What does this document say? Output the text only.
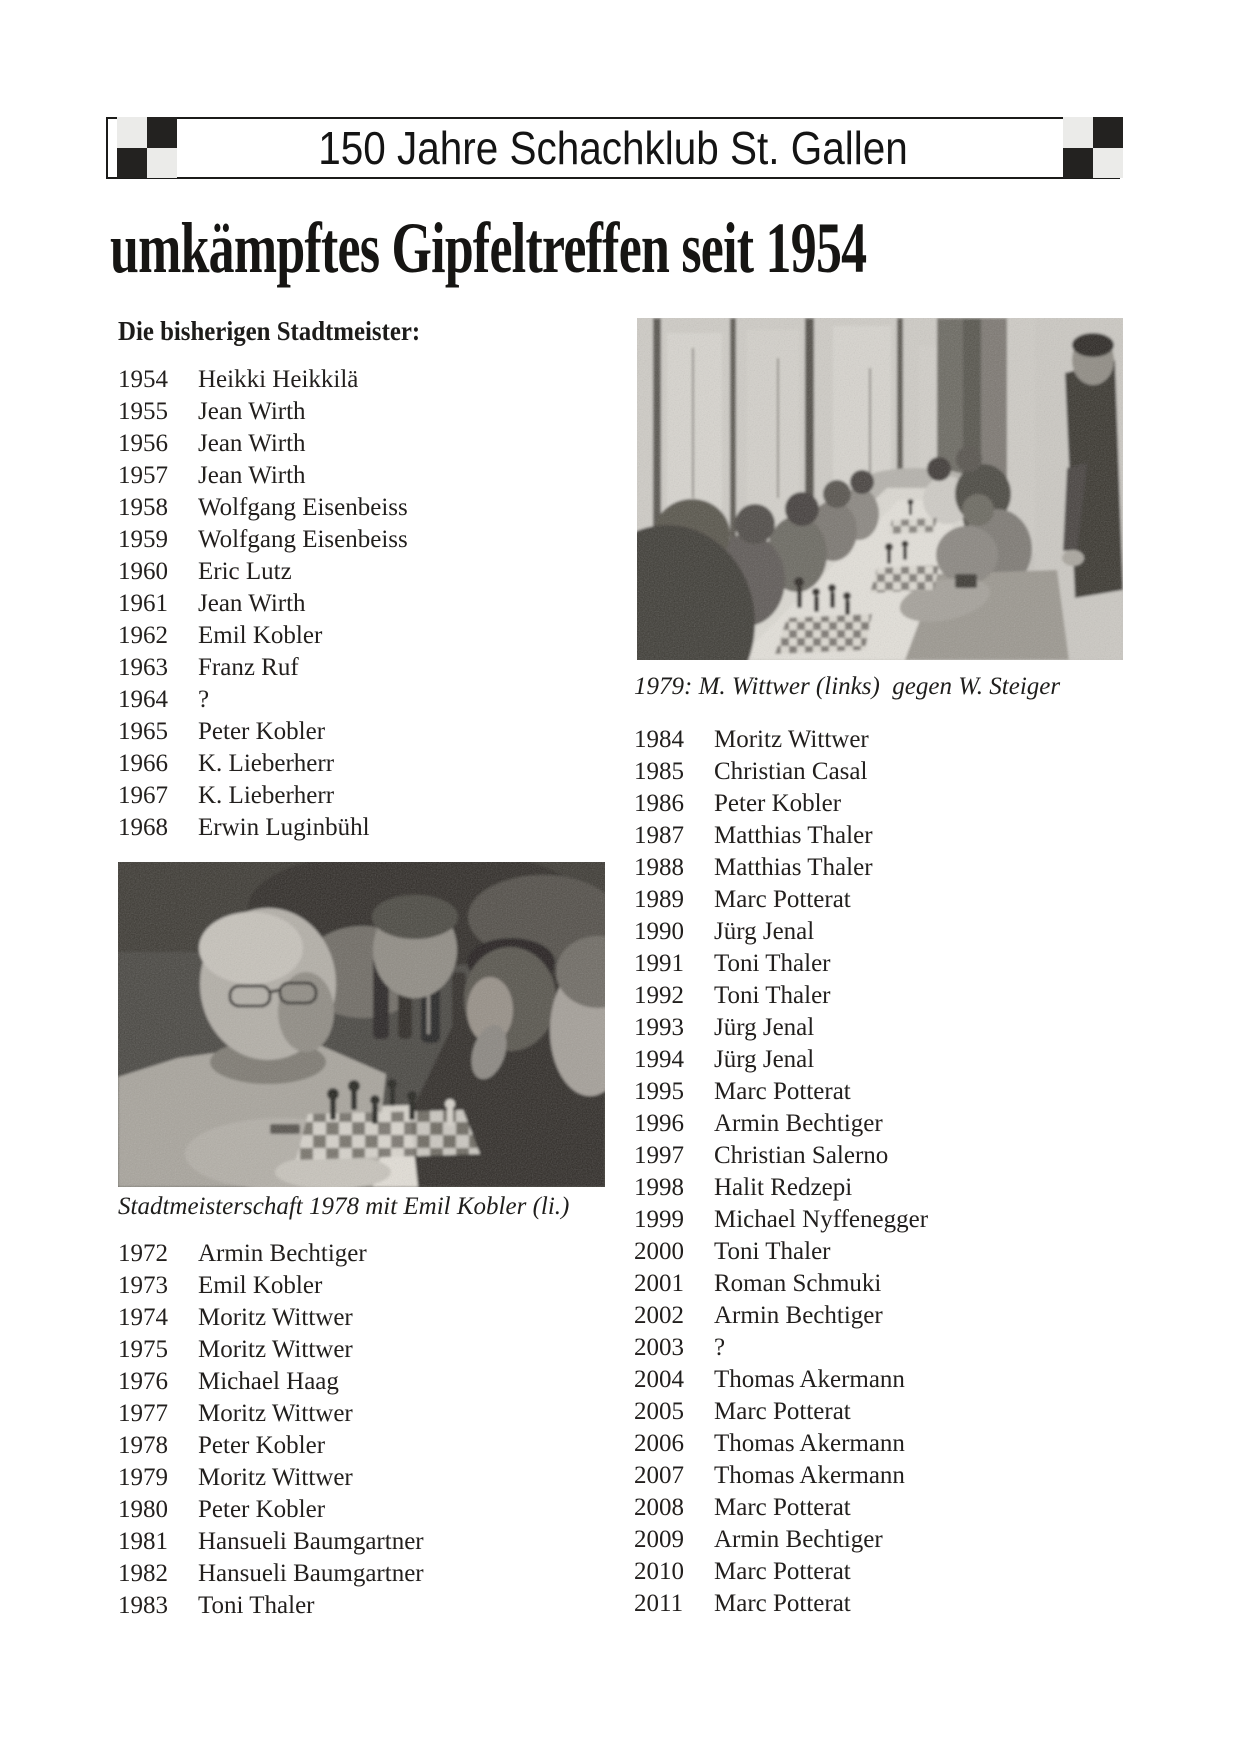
150 Jahre Schachklub St. Gallen
umkämpftes Gipfeltreffen seit 1954
Die bisherigen Stadtmeister:
1954	Heikki Heikkilä
1955	Jean Wirth
1956	Jean Wirth
1957	Jean Wirth
1958	Wolfgang Eisenbeiss
1959	Wolfgang Eisenbeiss
1960	Eric Lutz
1961	Jean Wirth
1962	Emil Kobler
1963	Franz Ruf
1964	?
1965	Peter Kobler
1966	K. Lieberherr
1967	K. Lieberherr
1968	Erwin Luginbühl
Stadtmeisterschaft 1978 mit Emil Kobler (li.)
1972	Armin Bechtiger
1973	Emil Kobler
1974	Moritz Wittwer
1975	Moritz Wittwer
1976	Michael Haag
1977	Moritz Wittwer
1978	Peter Kobler
1979	Moritz Wittwer
1980	Peter Kobler
1981	Hansueli Baumgartner
1982	Hansueli Baumgartner
1983	Toni Thaler
1979: M. Wittwer (links)  gegen W. Steiger
1984	Moritz Wittwer
1985	Christian Casal
1986	Peter Kobler
1987	Matthias Thaler
1988	Matthias Thaler
1989	Marc Potterat
1990	Jürg Jenal
1991	Toni Thaler
1992	Toni Thaler
1993	Jürg Jenal
1994	Jürg Jenal
1995	Marc Potterat
1996	Armin Bechtiger
1997	Christian Salerno
1998	Halit Redzepi
1999	Michael Nyffenegger
2000	Toni Thaler
2001	Roman Schmuki
2002	Armin Bechtiger
2003	?
2004	Thomas Akermann
2005	Marc Potterat
2006	Thomas Akermann
2007	Thomas Akermann
2008	Marc Potterat
2009	Armin Bechtiger
2010	Marc Potterat
2011	Marc Potterat
